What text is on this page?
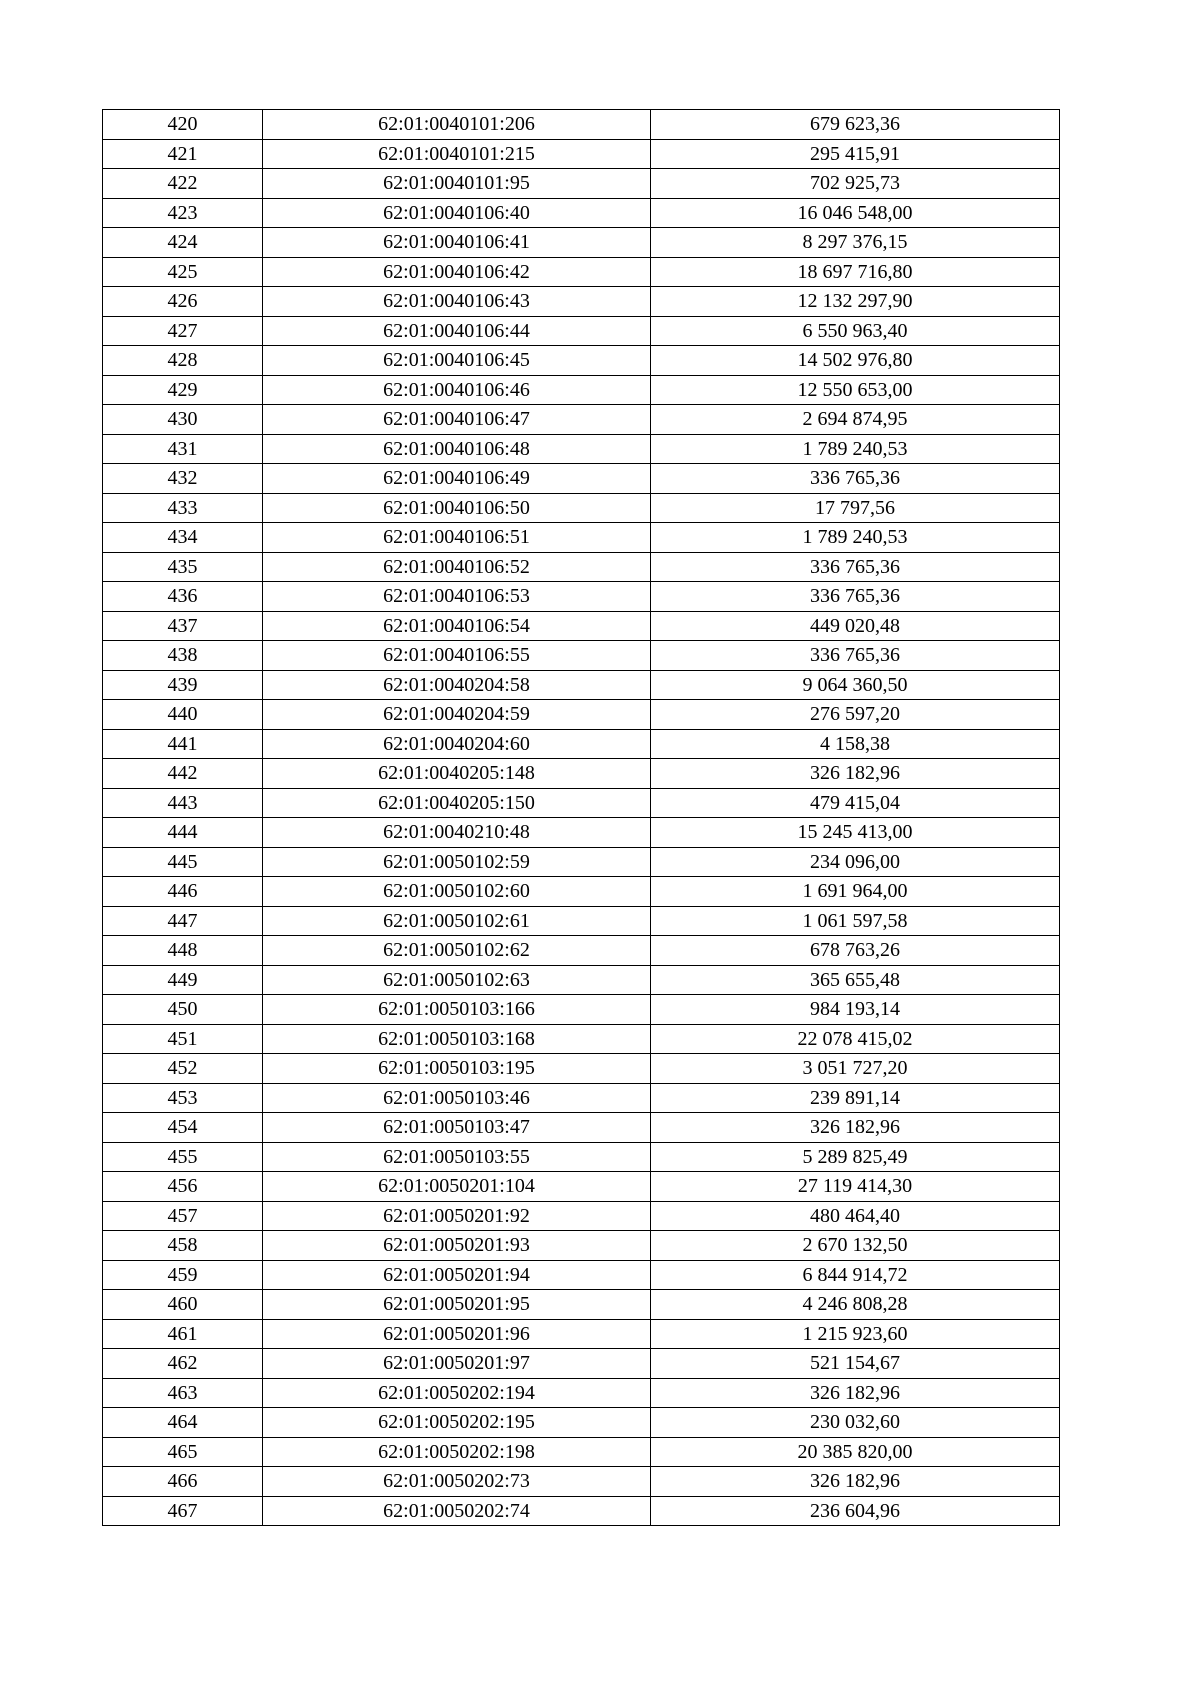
420	62:01:0040101:206	679 623,36
421	62:01:0040101:215	295 415,91
422	62:01:0040101:95	702 925,73
423	62:01:0040106:40	16 046 548,00
424	62:01:0040106:41	8 297 376,15
425	62:01:0040106:42	18 697 716,80
426	62:01:0040106:43	12 132 297,90
427	62:01:0040106:44	6 550 963,40
428	62:01:0040106:45	14 502 976,80
429	62:01:0040106:46	12 550 653,00
430	62:01:0040106:47	2 694 874,95
431	62:01:0040106:48	1 789 240,53
432	62:01:0040106:49	336 765,36
433	62:01:0040106:50	17 797,56
434	62:01:0040106:51	1 789 240,53
435	62:01:0040106:52	336 765,36
436	62:01:0040106:53	336 765,36
437	62:01:0040106:54	449 020,48
438	62:01:0040106:55	336 765,36
439	62:01:0040204:58	9 064 360,50
440	62:01:0040204:59	276 597,20
441	62:01:0040204:60	4 158,38
442	62:01:0040205:148	326 182,96
443	62:01:0040205:150	479 415,04
444	62:01:0040210:48	15 245 413,00
445	62:01:0050102:59	234 096,00
446	62:01:0050102:60	1 691 964,00
447	62:01:0050102:61	1 061 597,58
448	62:01:0050102:62	678 763,26
449	62:01:0050102:63	365 655,48
450	62:01:0050103:166	984 193,14
451	62:01:0050103:168	22 078 415,02
452	62:01:0050103:195	3 051 727,20
453	62:01:0050103:46	239 891,14
454	62:01:0050103:47	326 182,96
455	62:01:0050103:55	5 289 825,49
456	62:01:0050201:104	27 119 414,30
457	62:01:0050201:92	480 464,40
458	62:01:0050201:93	2 670 132,50
459	62:01:0050201:94	6 844 914,72
460	62:01:0050201:95	4 246 808,28
461	62:01:0050201:96	1 215 923,60
462	62:01:0050201:97	521 154,67
463	62:01:0050202:194	326 182,96
464	62:01:0050202:195	230 032,60
465	62:01:0050202:198	20 385 820,00
466	62:01:0050202:73	326 182,96
467	62:01:0050202:74	236 604,96
